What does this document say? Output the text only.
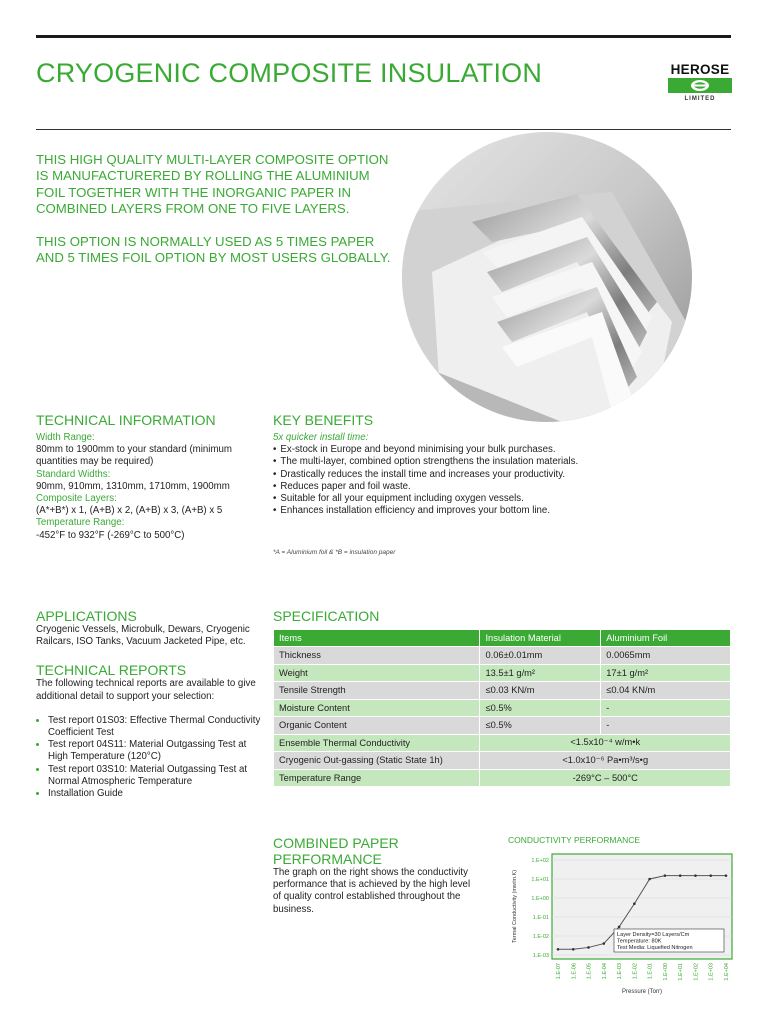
CRYOGENIC COMPOSITE INSULATION	HEROSE
LIMITED

THIS HIGH QUALITY MULTI-LAYER COMPOSITE OPTION IS MANUFACTURERED BY ROLLING THE ALUMINIUM FOIL TOGETHER WITH THE INORGANIC PAPER IN COMBINED LAYERS FROM ONE TO FIVE LAYERS.

THIS OPTION IS NORMALLY USED AS 5 TIMES PAPER AND 5 TIMES FOIL OPTION BY MOST USERS GLOBALLY.

TECHNICAL INFORMATION
Width Range:
80mm to 1900mm to your standard (minimum quantities may be required)
Standard Widths:
90mm, 910mm, 1310mm, 1710mm, 1900mm
Composite Layers:
(A*+B*) x 1, (A+B) x 2, (A+B) x 3, (A+B) x 5
Temperature Range:
-452°F to 932°F (-269°C to 500°C)
KEY BENEFITS
5x quicker install time:
• Ex-stock in Europe and beyond minimising your bulk purchases.
• The multi-layer, combined option strengthens the insulation materials.
• Drastically reduces the install time and increases your productivity.
• Reduces paper and foil waste.
• Suitable for all your equipment including oxygen vessels.
• Enhances installation efficiency and improves your bottom line.
*A = Aluminium foil & *B = insulation paper
APPLICATIONS
Cryogenic Vessels, Microbulk, Dewars, Cryogenic Railcars, ISO Tanks, Vacuum Jacketed Pipe, etc.
TECHNICAL REPORTS
The following technical reports are available to give additional detail to support your selection:
• Test report 01S03: Effective Thermal Conductivity Coefficient Test
• Test report 04S11: Material Outgassing Test at High Temperature (120°C)
• Test report 03S10: Material Outgassing Test at Normal Atmospheric Temperature
• Installation Guide
SPECIFICATION
Items	Insulation Material	Aluminium Foil
Thickness	0.06±0.01mm	0.0065mm
Weight	13.5±1 g/m²	17±1 g/m²
Tensile Strength	≤0.03 KN/m	≤0.04 KN/m
Moisture Content	≤0.5%	-
Organic Content	≤0.5%	-
Ensemble Thermal Conductivity	<1.5x10⁻⁴ w/m•k	
Cryogenic Out-gassing (Static State 1h)	<1.0x10⁻⁶ Pa•m³/s•g	
Temperature Range	-269°C – 500°C	
COMBINED PAPER PERFORMANCE
The graph on the right shows the conductivity performance that is achieved by the high level of quality control established throughout the business.
CONDUCTIVITY PERFORMANCE
1.E-03
1.E-02
1.E-01
1.E+00
1.E+01
1.E+02
1.E-07 1.E-06 1.E-05 1.E-04 1.E-03 1.E-02 1.E-01 1.E+00 1.E+01 1.E+02 1.E+03 1.E+04
Layer Density=30 Layers/Cm
Temperature: 80K
Test Media: Liquefied Nitrogen
Termal Conductivity (mw/m.K)
Pressure (Torr)
